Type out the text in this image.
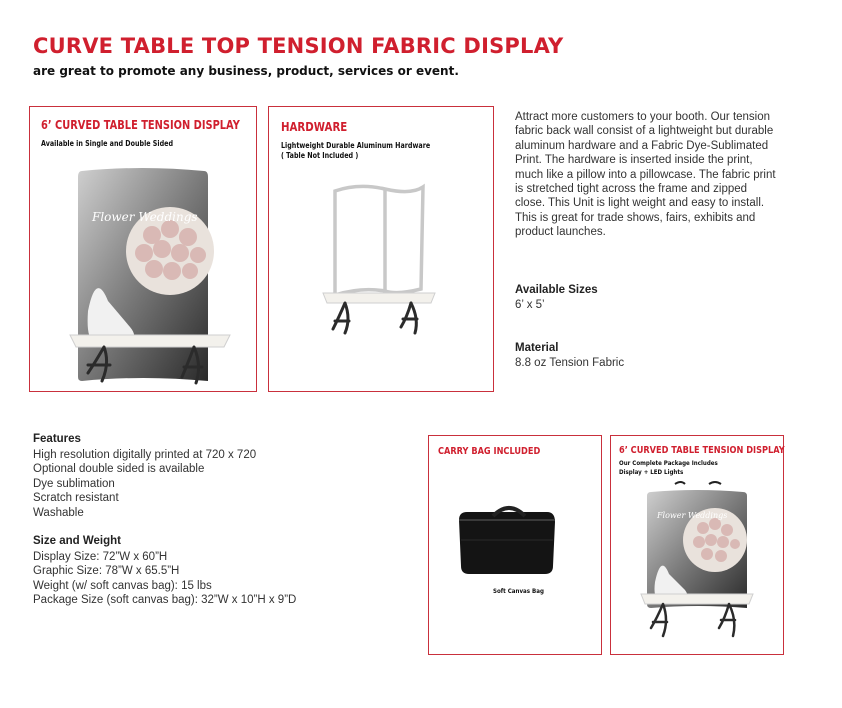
CURVE TABLE TOP TENSION FABRIC DISPLAY
are great to promote any business, product, services or event.
6’ CURVED TABLE TENSION DISPLAY
Available in Single and Double Sided
Flower Weddings
HARDWARE
Lightweight Durable Aluminum Hardware
( Table Not Included )
Attract more customers to your booth. Our tension fabric back wall consist of a lightweight but durable aluminum hardware and a Fabric Dye-Sublimated Print. The hardware is inserted inside the print, much like a pillow into a pillowcase. The fabric print is stretched tight across the frame and zipped close. This Unit is light weight and easy to install. This is great for trade shows, fairs, exhibits and product launches.
Available Sizes
6’ x 5’
Material
8.8 oz Tension Fabric
Features
High resolution digitally printed at 720 x 720
Optional double sided is available
Dye sublimation
Scratch resistant
Washable
Size and Weight
Display Size: 72”W x 60”H
Graphic Size: 78”W x 65.5”H
Weight (w/ soft canvas bag): 15 lbs
Package Size (soft canvas bag): 32”W x 10”H x 9”D
CARRY BAG INCLUDED
Soft Canvas Bag
6’ CURVED TABLE TENSION DISPLAY
Our Complete Package Includes
Display + LED Lights
Flower Weddings
